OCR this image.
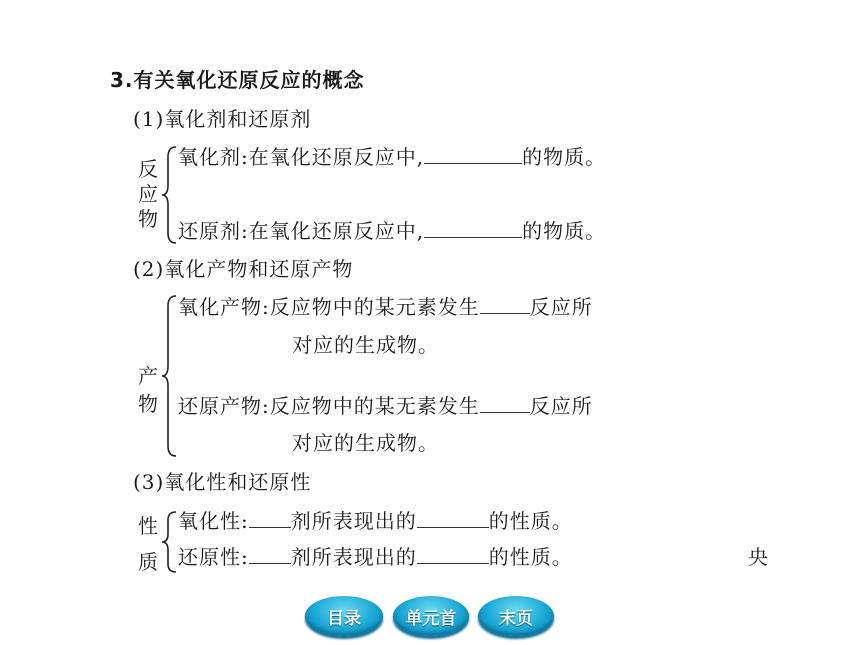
3.有关氧化还原反应的概念
(1)氧化剂和还原剂
反应物
氧化剂:在氧化还原反应中,	的物质。
还原剂:在氧化还原反应中,	的物质。
(2)氧化产物和还原产物
产物
氧化产物:反应物中的某元素发生	反应所
对应的生成物。
还原产物:反应物中的某无素发生	反应所
对应的生成物。
(3)氧化性和还原性
性质
氧化性: 剂所表现出的	的性质。
还原性: 剂所表现出的	的性质。	央
目录	单元首	末页
